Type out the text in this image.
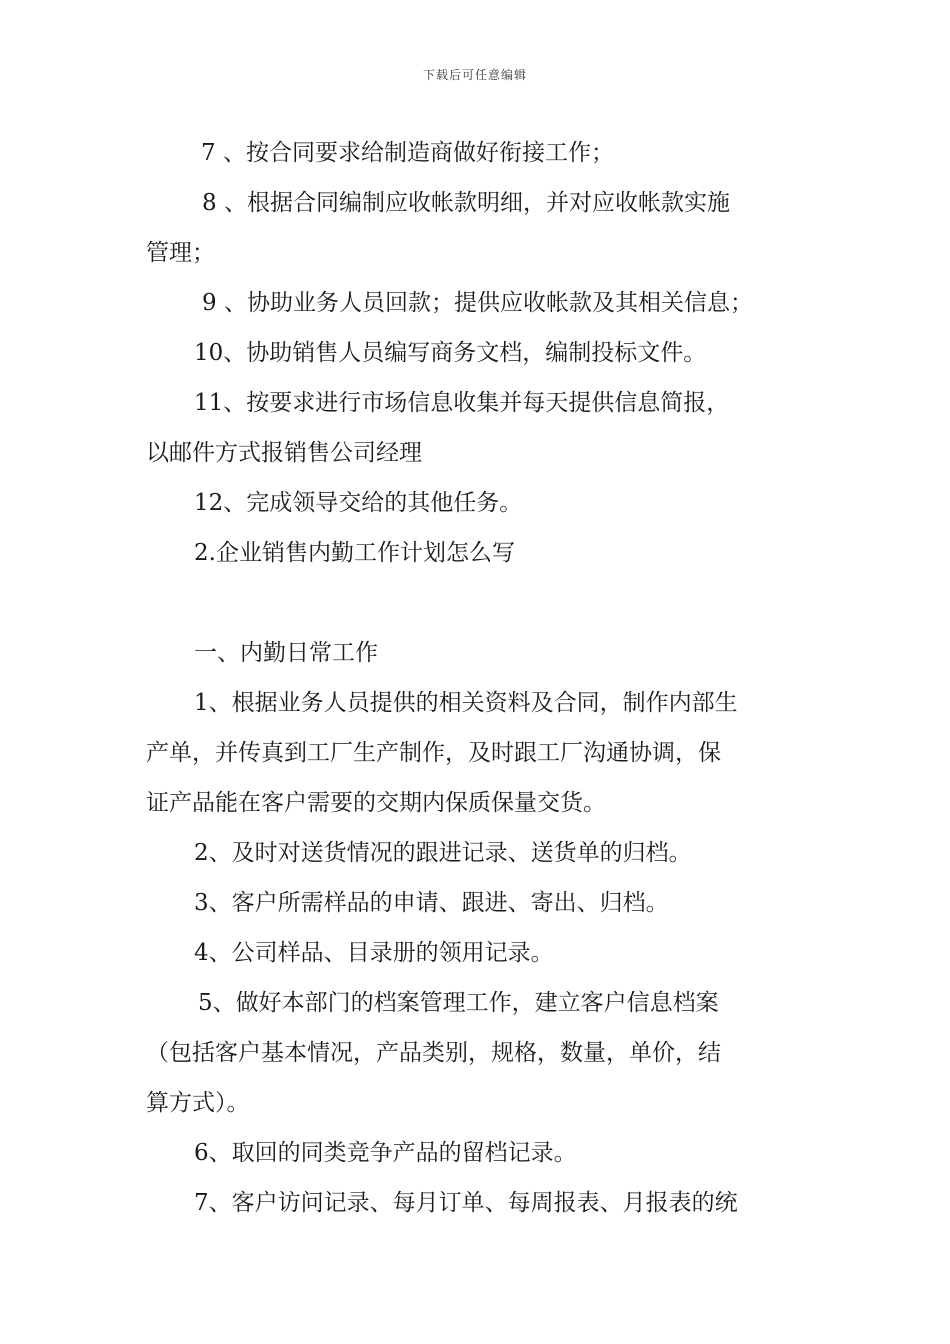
下载后可任意编辑
7 、按合同要求给制造商做好衔接工作；
8 、根据合同编制应收帐款明细，并对应收帐款实施
管理；
9 、协助业务人员回款；提供应收帐款及其相关信息；
10、协助销售人员编写商务文档，编制投标文件。
11、按要求进行市场信息收集并每天提供信息简报，
以邮件方式报销售公司经理
12、完成领导交给的其他任务。
2.企业销售内勤工作计划怎么写
一、内勤日常工作
1、根据业务人员提供的相关资料及合同，制作内部生
产单，并传真到工厂生产制作，及时跟工厂沟通协调，保
证产品能在客户需要的交期内保质保量交货。
2、及时对送货情况的跟进记录、送货单的归档。
3、客户所需样品的申请、跟进、寄出、归档。
4、公司样品、目录册的领用记录。
5、做好本部门的档案管理工作，建立客户信息档案
（包括客户基本情况，产品类别，规格，数量，单价，结
算方式）。
6、取回的同类竞争产品的留档记录。
7、客户访问记录、每月订单、每周报表、月报表的统
